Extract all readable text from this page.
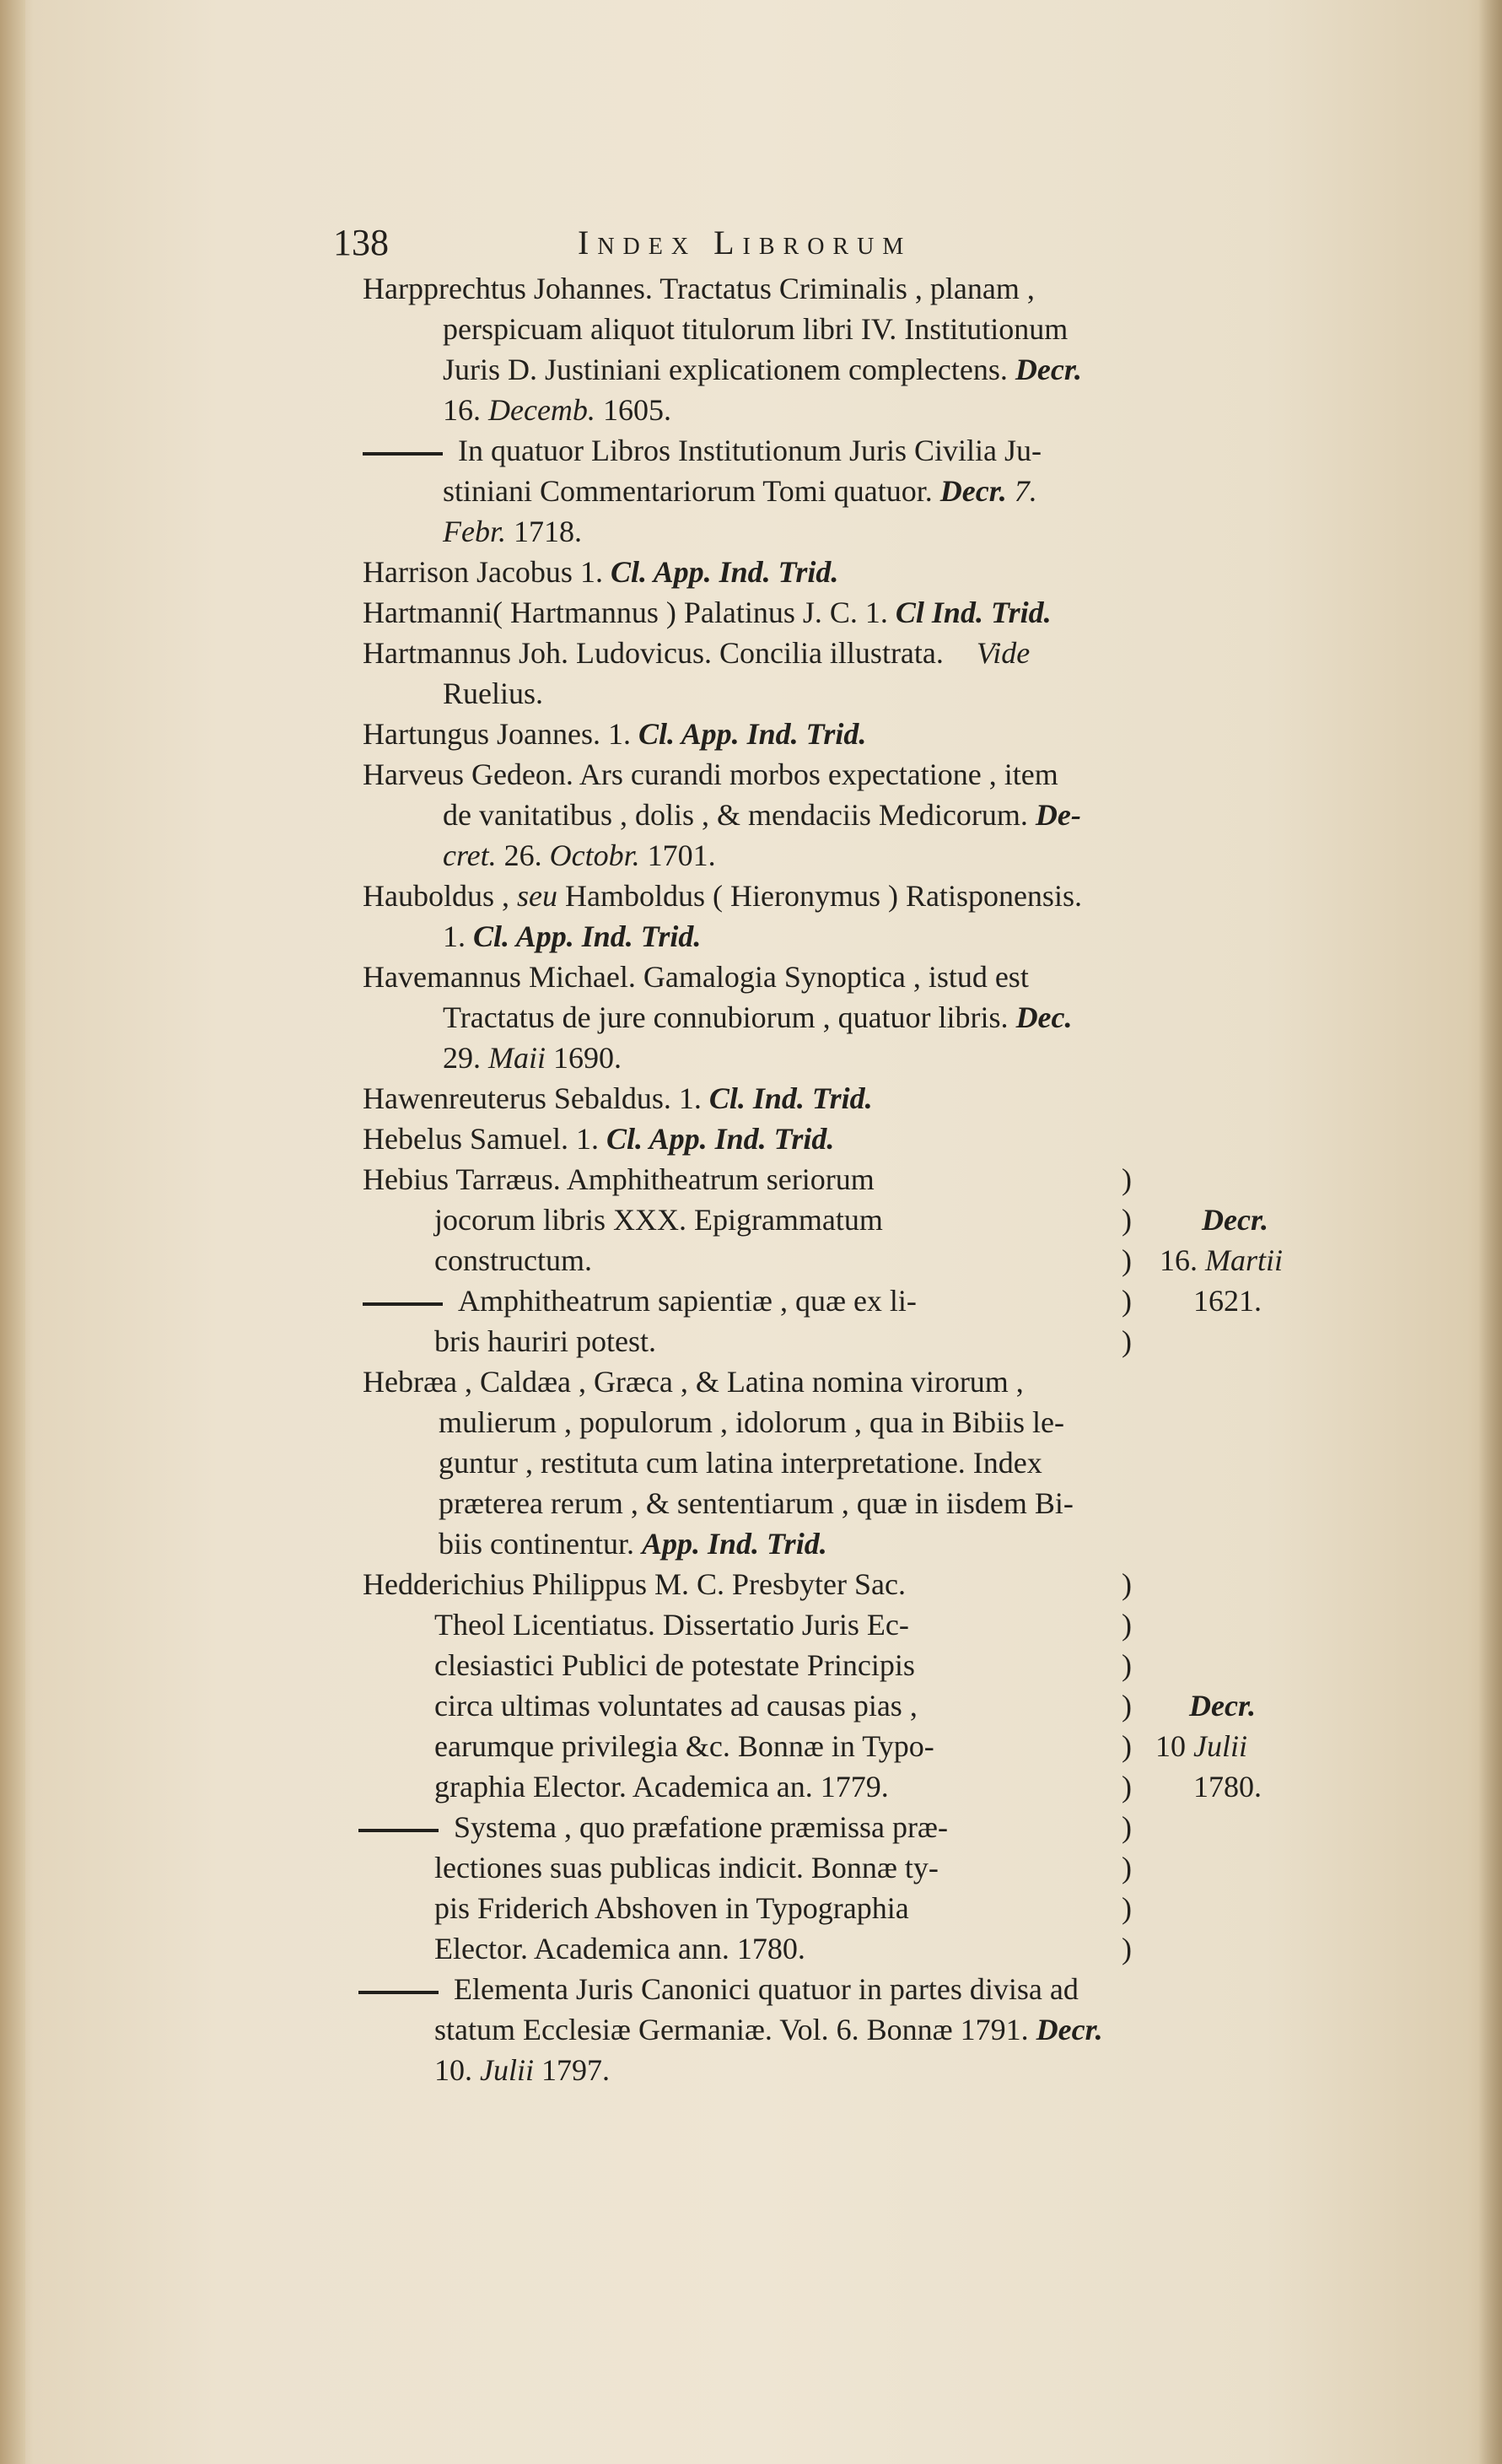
138	Index Librorum
Harpprechtus Johannes. Tractatus Criminalis , planam ,
perspicuam aliquot titulorum libri IV. Institutionum
Juris D. Justiniani explicationem complectens. Decr.
16. Decemb. 1605.
In quatuor Libros Institutionum Juris Civilia Ju-
stiniani Commentariorum Tomi quatuor. Decr. 7.
Febr. 1718.
Harrison Jacobus 1. Cl. App. Ind. Trid.
Hartmanni( Hartmannus ) Palatinus J. C. 1. Cl Ind. Trid.
Hartmannus Joh. Ludovicus. Concilia illustrata. Vide
Ruelius.
Hartungus Joannes. 1. Cl. App. Ind. Trid.
Harveus Gedeon. Ars curandi morbos expectatione , item
de vanitatibus , dolis , & mendaciis Medicorum. De-
cret. 26. Octobr. 1701.
Hauboldus , seu Hamboldus ( Hieronymus ) Ratisponensis.
1. Cl. App. Ind. Trid.
Havemannus Michael. Gamalogia Synoptica , istud est
Tractatus de jure connubiorum , quatuor libris. Dec.
29. Maii 1690.
Hawenreuterus Sebaldus. 1. Cl. Ind. Trid.
Hebelus Samuel. 1. Cl. App. Ind. Trid.
Hebius Tarræus. Amphitheatrum seriorum
jocorum libris XXX. Epigrammatum
constructum.
Amphitheatrum sapientiæ , quæ ex li-
bris hauriri potest.
)
)
)
)
)
Decr.
16. Martii
1621.
Hebræa , Caldæa , Græca , & Latina nomina virorum ,
mulierum , populorum , idolorum , qua in Bibiis le-
guntur , restituta cum latina interpretatione. Index
præterea rerum , & sententiarum , quæ in iisdem Bi-
biis continentur. App. Ind. Trid.
Hedderichius Philippus M. C. Presbyter Sac.
Theol Licentiatus. Dissertatio Juris Ec-
clesiastici Publici de potestate Principis
circa ultimas voluntates ad causas pias ,
earumque privilegia &c. Bonnæ in Typo-
graphia Elector. Academica an. 1779.
Systema , quo præfatione præmissa præ-
lectiones suas publicas indicit. Bonnæ ty-
pis Friderich Abshoven in Typographia
Elector. Academica ann. 1780.
)
)
)
)
)
)
)
)
)
)
Decr.
10 Julii
1780.
Elementa Juris Canonici quatuor in partes divisa ad
statum Ecclesiæ Germaniæ. Vol. 6. Bonnæ 1791. Decr.
10. Julii 1797.
